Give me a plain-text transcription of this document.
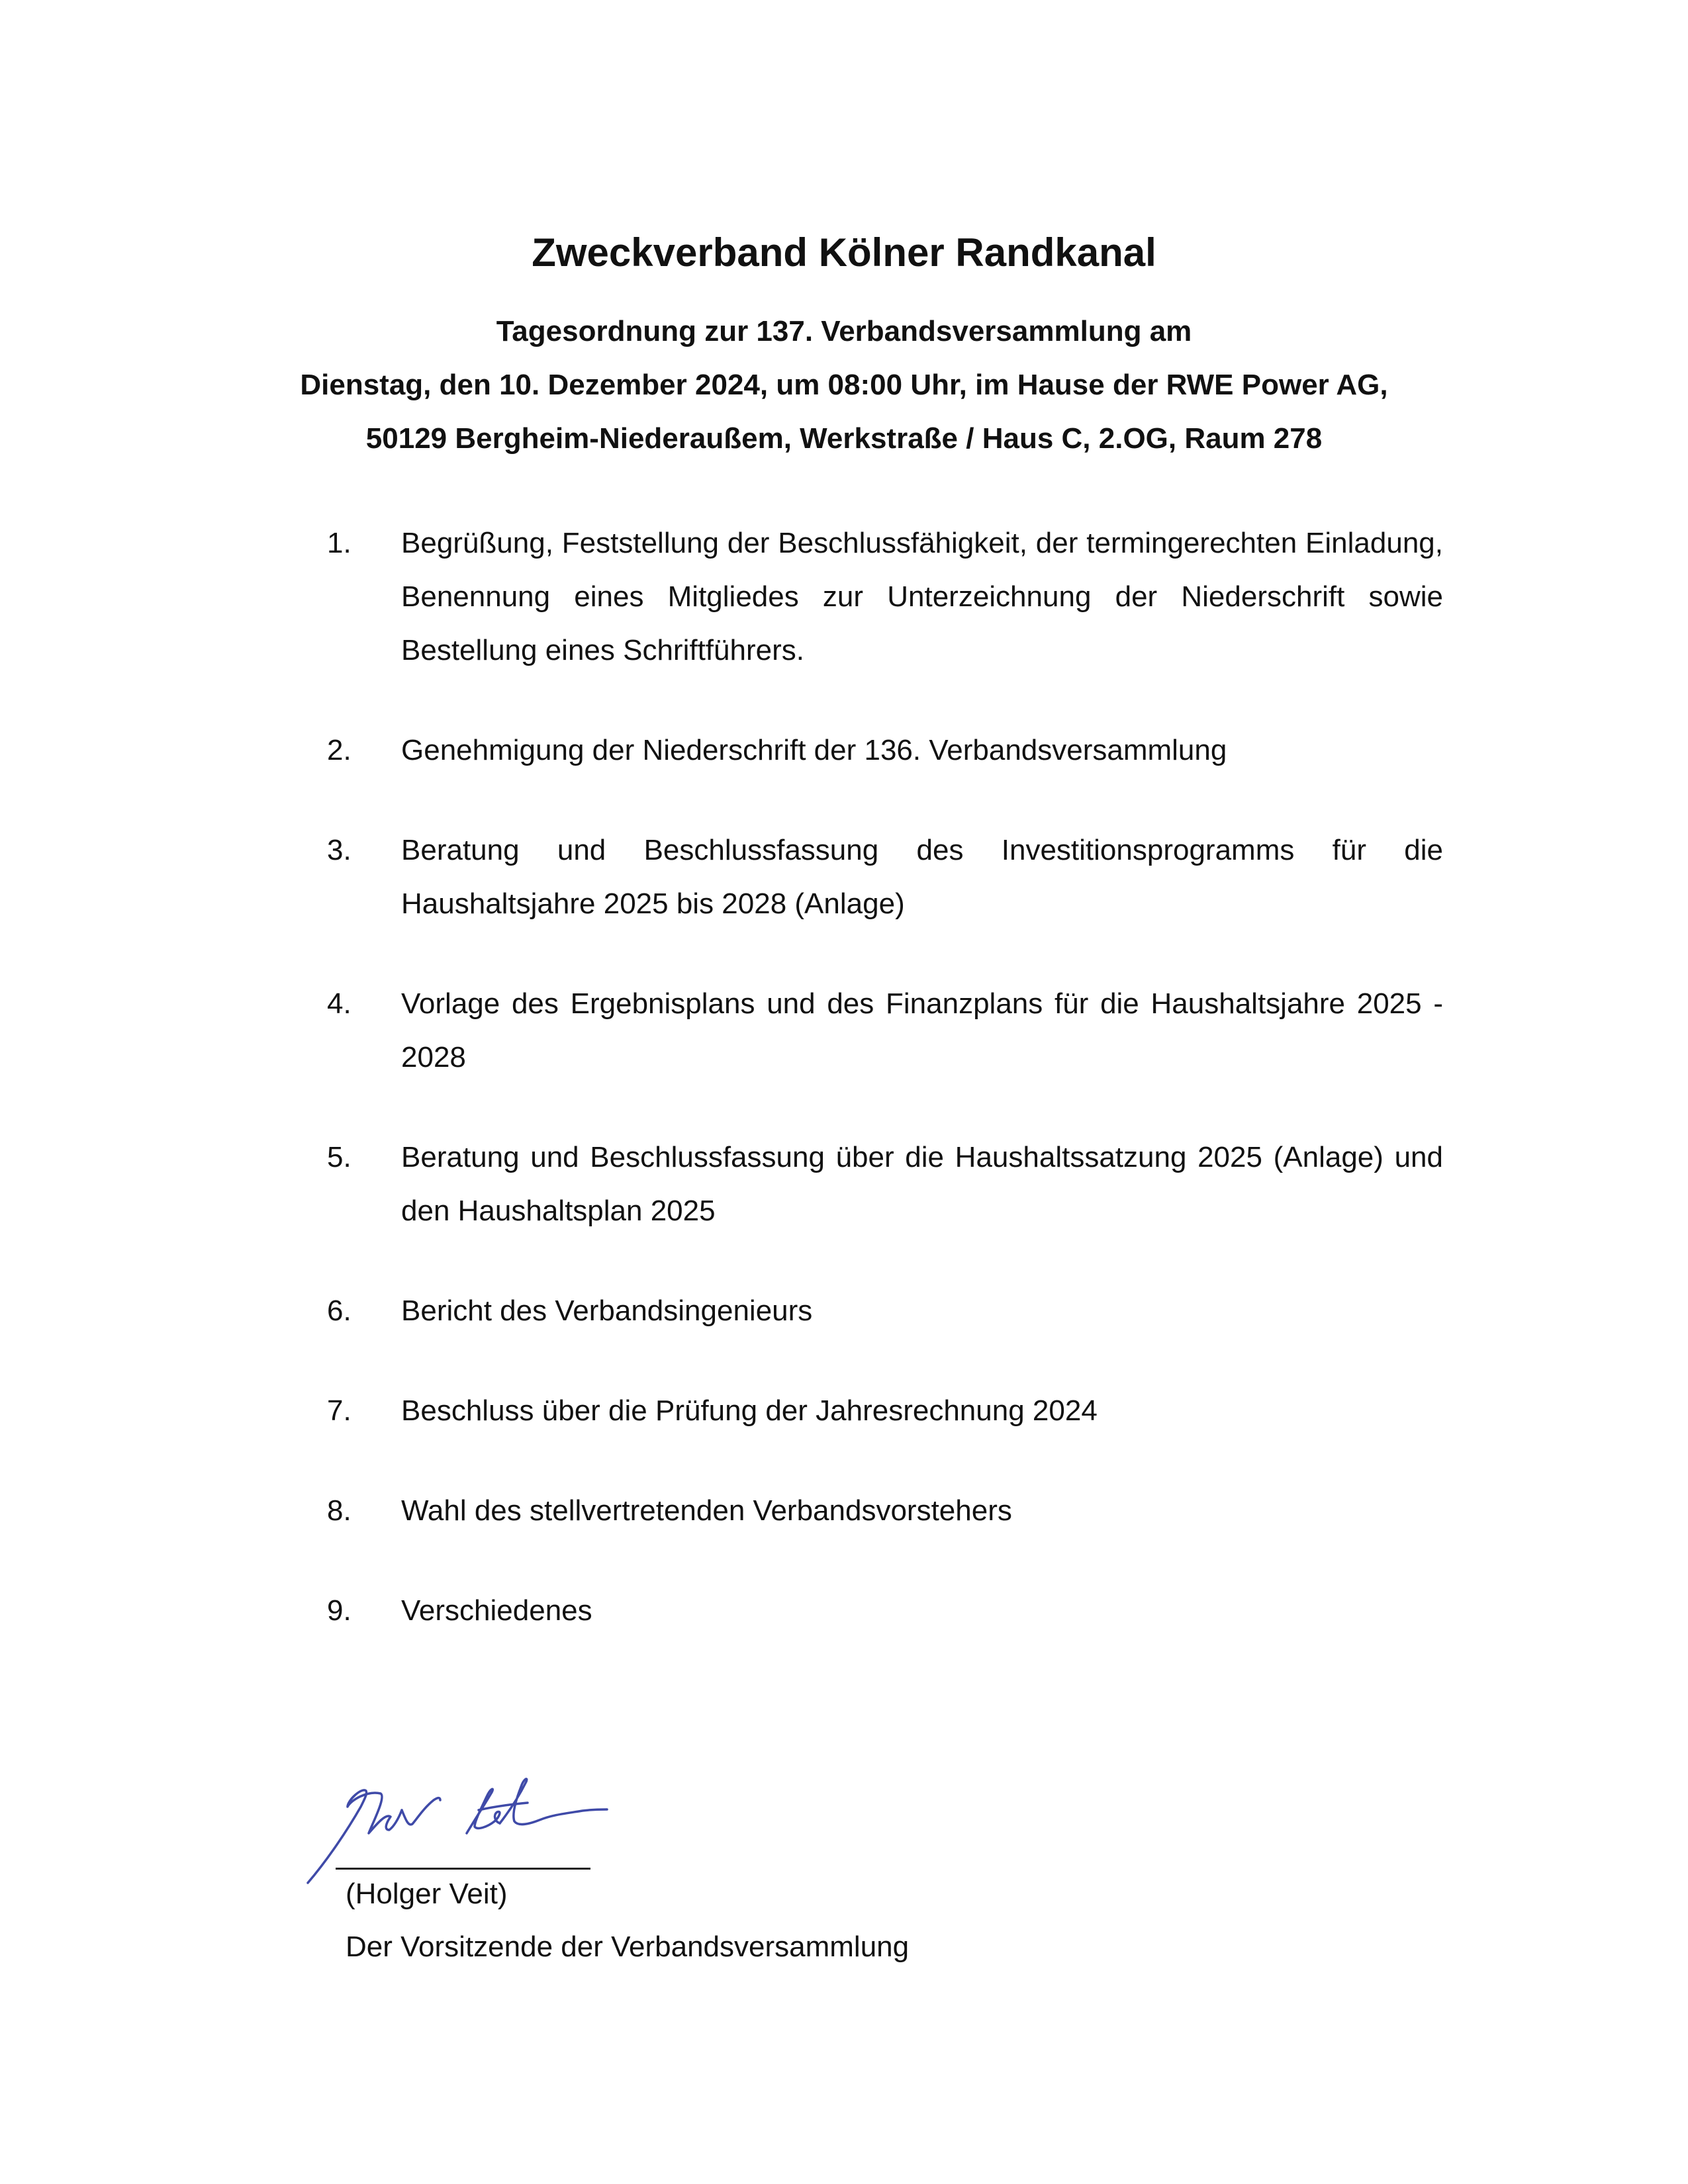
Zweckverband Kölner Randkanal
Tagesordnung zur 137. Verbandsversammlung am
Dienstag, den 10. Dezember 2024, um 08:00 Uhr, im Hause der RWE Power AG,
50129 Bergheim-Niederaußem, Werkstraße / Haus C, 2.OG, Raum 278
1.	Begrüßung, Feststellung der Beschlussfähigkeit, der termingerechten Einladung, Benennung eines Mitgliedes zur Unterzeichnung der Niederschrift sowie Bestellung eines Schriftführers.
2.	Genehmigung der Niederschrift der 136. Verbandsversammlung
3.	Beratung und Beschlussfassung des Investitionsprogramms für die Haushaltsjahre 2025 bis 2028 (Anlage)
4.	Vorlage des Ergebnisplans und des Finanzplans für die Haushaltsjahre 2025 - 2028
5.	Beratung und Beschlussfassung über die Haushaltssatzung 2025 (Anlage) und den Haushaltsplan 2025
6.	Bericht des Verbandsingenieurs
7.	Beschluss über die Prüfung der Jahresrechnung 2024
8.	Wahl des stellvertretenden Verbandsvorstehers
9.	Verschiedenes
(Holger Veit)
Der Vorsitzende der Verbandsversammlung
